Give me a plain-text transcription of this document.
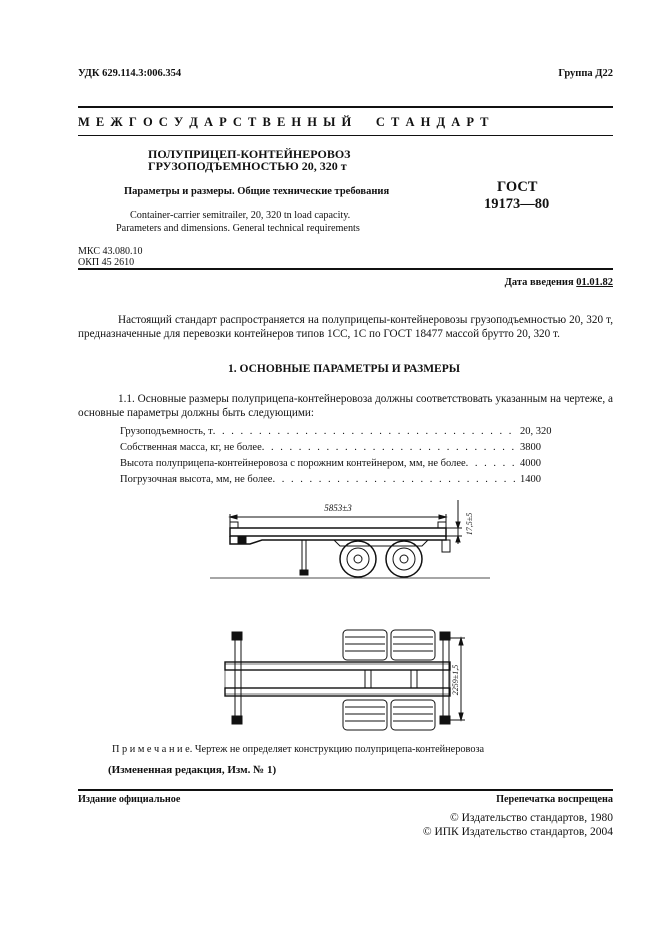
УДК 629.114.3:006.354	Группа Д22
М Е Ж Г О С У Д А Р С Т В Е Н Н Ы Й     С Т А Н Д А Р Т
ПОЛУПРИЦЕП-КОНТЕЙНЕРОВОЗ
ГРУЗОПОДЪЕМНОСТЬЮ 20, 320 т
Параметры и размеры. Общие технические требования
Container-carrier semitrailer, 20, 320 tn load capacity.
Parameters and dimensions. General technical requirements
ГОСТ
19173—80
МКС 43.080.10
ОКП 45 2610
Дата введения 01.01.82
Настоящий стандарт распространяется на полуприцепы-контейнеровозы грузоподъемностью 20, 320 т, предназначенные для перевозки контейнеров типов 1СС, 1С по ГОСТ 18477 массой брутто 20, 320 т.
1. ОСНОВНЫЕ ПАРАМЕТРЫ И РАЗМЕРЫ
1.1. Основные размеры полуприцепа-контейнеровоза должны соответствовать указанным на чертеже, а основные параметры должны быть следующими:
Грузоподъемность, т . . .	20, 320
Собственная масса, кг, не более . . .	3800
Высота полуприцепа-контейнеровоза с порожним контейнером, мм, не более . . .	4000
Погрузочная высота, мм, не более . . .	1400
5853±3
17,5±5
2259±1,5
П р и м е ч а н и е. Чертеж не определяет конструкцию полуприцепа-контейнеровоза
(Измененная редакция, Изм. № 1)
Издание официальное	Перепечатка воспрещена
© Издательство стандартов, 1980
© ИПК Издательство стандартов, 2004
